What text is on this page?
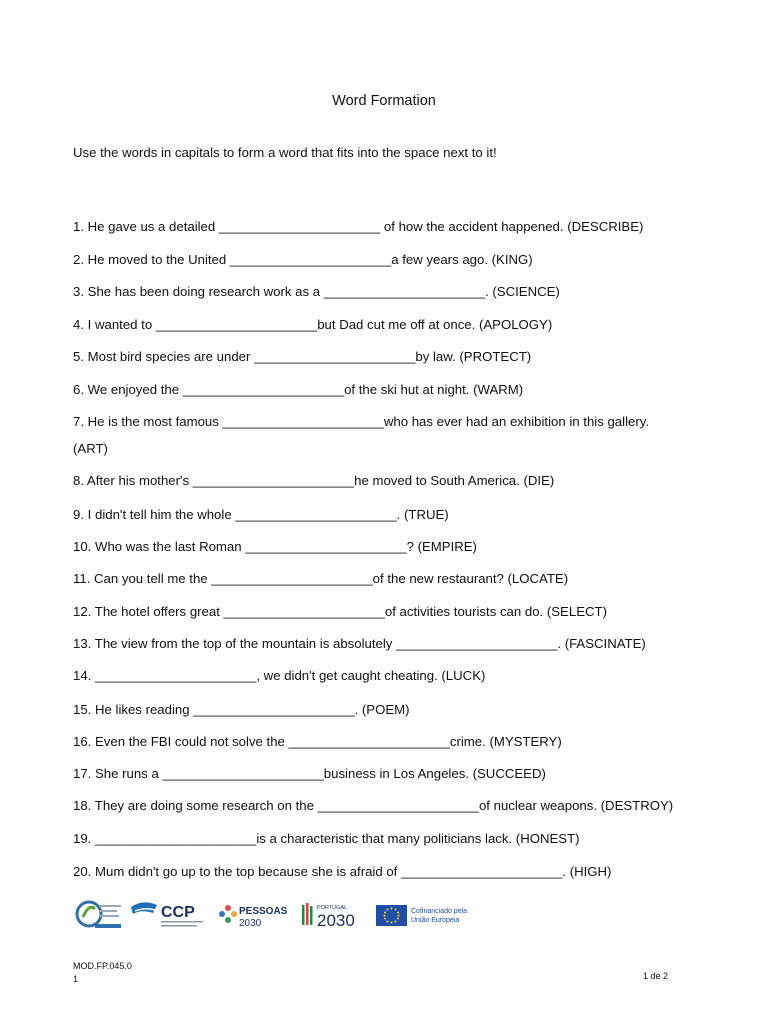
Word Formation
Use the words in capitals to form a word that fits into the space next to it!
1. He gave us a detailed ______________________ of how the accident happened. (DESCRIBE)
2. He moved to the United ______________________a few years ago. (KING)
3. She has been doing research work as a ______________________. (SCIENCE)
4. I wanted to ______________________but Dad cut me off at once. (APOLOGY)
5. Most bird species are under ______________________by law. (PROTECT)
6. We enjoyed the ______________________of the ski hut at night. (WARM)
7. He is the most famous ______________________who has ever had an exhibition in this gallery. (ART)
8. After his mother's ______________________he moved to South America. (DIE)
9. I didn't tell him the whole ______________________. (TRUE)
10. Who was the last Roman ______________________? (EMPIRE)
11. Can you tell me the ______________________of the new restaurant? (LOCATE)
12. The hotel offers great ______________________of activities tourists can do. (SELECT)
13. The view from the top of the mountain is absolutely ______________________. (FASCINATE)
14. ______________________, we didn't get caught cheating. (LUCK)
15. He likes reading ______________________. (POEM)
16. Even the FBI could not solve the ______________________crime. (MYSTERY)
17. She runs a ______________________business in Los Angeles. (SUCCEED)
18. They are doing some research on the ______________________of nuclear weapons. (DESTROY)
19. ______________________is a characteristic that many politicians lack. (HONEST)
20. Mum didn't go up to the top because she is afraid of ______________________. (HIGH)
CCP	PESSOAS
2030
PORTUGAL
2030	Cofinanciado pela
União Europeia
MOD.FP.045.0
1	1 de 2
